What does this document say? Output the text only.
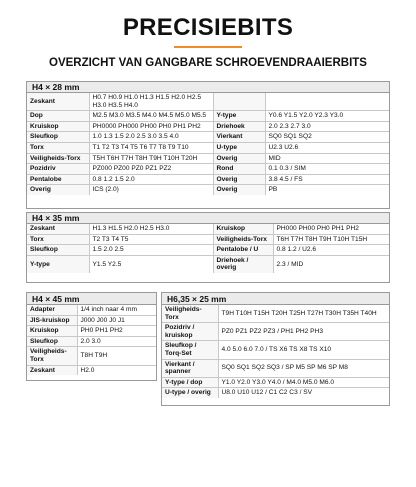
PRECISIEBITS
OVERZICHT VAN GANGBARE SCHROEVENDRAAIERBITS
H4 × 28 mm
Zeskant	H0.7 H0.9 H1.0 H1.3 H1.5 H2.0 H2.5 H3.0 H3.5 H4.0		
Dop	M2.5 M3.0 M3.5 M4.0 M4.5 M5.0 M5.5	Y-type	Y0.6 Y1.5 Y2.0 Y2.3 Y3.0
Kruiskop	PH0000 PH000 PH00 PH0 PH1 PH2	Driehoek	2.0 2.3 2.7 3.0
Sleufkop	1.0 1.3 1.5 2.0 2.5 3.0 3.5 4.0	Vierkant	SQ0 SQ1 SQ2
Torx	T1 T2 T3 T4 T5 T6 T7 T8 T9 T10	U-type	U2.3 U2.6
Veiligheids-Torx	T5H T6H T7H T8H T9H T10H T20H	Overig	MID
Pozidriv	PZ000 PZ00 PZ0 PZ1 PZ2	Rond	0.1 0.3 / SIM
Pentalobe	0.8 1.2 1.5 2.0	Overig	3.8 4.5 / FS
Overig	ICS (2.0)	Overig	PB
H4 × 35 mm
Zeskant	H1.3 H1.5 H2.0 H2.5 H3.0	Kruiskop	PH000 PH00 PH0 PH1 PH2
Torx	T2 T3 T4 T5	Veiligheids-Torx	T6H T7H T8H T9H T10H T15H
Sleufkop	1.5 2.0 2.5	Pentalobe / U	0.8 1.2 / U2.6
Y-type	Y1.5 Y2.5	Driehoek / overig	2.3 / MID
H4 × 45 mm
Adapter	1/4 inch naar 4 mm
JIS-kruiskop	J000 J00 J0 J1
Kruiskop	PH0 PH1 PH2
Sleufkop	2.0 3.0
Veiligheids-Torx	T8H T9H
Zeskant	H2.0
H6,35 × 25 mm
Veiligheids-Torx	T9H T10H T15H T20H T25H T27H T30H T35H T40H
Pozidriv / kruiskop	PZ0 PZ1 PZ2 PZ3 / PH1 PH2 PH3
Sleufkop / Torq-Set	4.0 5.0 6.0 7.0 / TS X6 TS X8 TS X10
Vierkant / spanner	SQ0 SQ1 SQ2 SQ3 / SP M5 SP M6 SP M8
Y-type / dop	Y1.0 Y2.0 Y3.0 Y4.0 / M4.0 M5.0 M6.0
U-type / overig	U8.0 U10 U12 / C1 C2 C3 / SV
